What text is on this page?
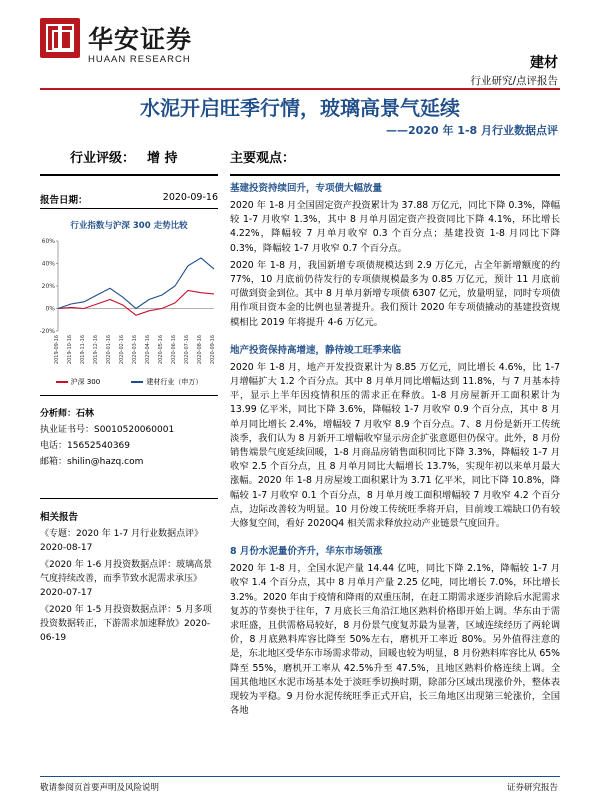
华安证券
HUAAN RESEARCH	建材
行业研究/点评报告
水泥开启旺季行情，玻璃高景气延续
——2020 年 1-8 月行业数据点评
行业评级： 增 持
报告日期：	2020-09-16
行业指数与沪深 300 走势比较
-20%
0%
20%
40%
60%
2019-09-16 2019-10-16 2019-11-16 2019-12-16 2020-01-16 2020-02-16 2020-03-16 2020-04-16 2020-05-16 2020-06-16 2020-07-16 2020-08-16 2020-09-16
沪深 300	建材行业（申万）
分析师：石林
执业证书号：S0010520060001
电话：15652540369
邮箱：shilin@hazq.com
相关报告

《专题：2020 年 1-7 月行业数据点评》
2020-08-17

《2020 年 1-6 月投资数据点评：玻璃高景气度持续改善，而季节致水泥需求承压》2020-07-17

《2020 年 1-5 月投资数据点评：5 月多项投资数据转正，下游需求加速释放》2020-06-19

主要观点：
基建投资持续回升，专项债大幅放量
2020 年 1-8 月全国固定资产投资累计为 37.88 万亿元，同比下降 0.3%，降幅较 1-7 月收窄 1.3%，其中 8 月单月固定资产投资同比下降 4.1%，环比增长 4.22%，降幅较 7 月单月收窄 0.3 个百分点；基建投资 1-8 月同比下降 0.3%，降幅较 1-7 月收窄 0.7 个百分点。
2020 年 1-8 月，我国新增专项债规模达到 2.9 万亿元，占全年新增额度的约 77%，10 月底前仍待发行的专项债规模最多为 0.85 万亿元，预计 11 月底前可做到资金到位。其中 8 月单月新增专项债 6307 亿元，放量明显，同时专项债用作项目资本金的比例也显著提升。我们预计 2020 年专项债撬动的基建投资规模相比 2019 年将提升 4-6 万亿元。
地产投资保持高增速，静待竣工旺季来临
2020 年 1-8 月，地产开发投资累计为 8.85 万亿元，同比增长 4.6%，比 1-7 月增幅扩大 1.2 个百分点。其中 8 月单月同比增幅达到 11.8%，与 7 月基本持平，显示上半年因疫情积压的需求正在释放。1-8 月房屋新开工面积累计为 13.99 亿平米，同比下降 3.6%，降幅较 1-7 月收窄 0.9 个百分点，其中 8 月单月同比增长 2.4%，增幅较 7 月收窄 8.9 个百分点。7、8 月份是新开工传统淡季，我们认为 8 月新开工增幅收窄显示房企扩张意愿但仍保守。此外，8 月份销售端景气度延续回暖，1-8 月商品房销售面积同比下降 3.3%，降幅较 1-7 月收窄 2.5 个百分点，且 8 月单月同比大幅增长 13.7%，实现年初以来单月最大涨幅。2020 年 1-8 月房屋竣工面积累计为 3.71 亿平米，同比下降 10.8%，降幅较 1-7 月收窄 0.1 个百分点，8 月单月竣工面积增幅较 7 月收窄 4.2 个百分点，边际改善较为明显。10 月份竣工传统旺季将开启，目前竣工端缺口仍有较大修复空间，看好 2020Q4 相关需求释放拉动产业链景气度回升。
8 月份水泥量价齐升，华东市场领涨
2020 年 1-8 月，全国水泥产量 14.44 亿吨，同比下降 2.1%，降幅较 1-7 月收窄 1.4 个百分点，其中 8 月单月产量 2.25 亿吨，同比增长 7.0%，环比增长 3.2%。2020 年由于疫情和降雨的双重压制，在赶工期需求逐步消除后水泥需求复苏的节奏快于往年，7 月底长三角沿江地区熟料价格即开始上调。华东由于需求旺盛，且供需格局较好，8 月份景气度复苏最为显著，区域连续经历了两轮调价，8 月底熟料库容比降至 50%左右，磨机开工率近 80%。另外值得注意的是，东北地区受华东市场需求带动，回暖也较为明显，8 月份熟料库容比从 65%降至 55%，磨机开工率从 42.5%升至 47.5%，且地区熟料价格连续上调。全国其他地区水泥市场基本处于淡旺季切换时期，除部分区域出现涨价外，整体表现较为平稳。9 月份水泥传统旺季正式开启，长三角地区出现第三轮涨价，全国各地
敬请参阅页首要声明及风险说明	证券研究报告
